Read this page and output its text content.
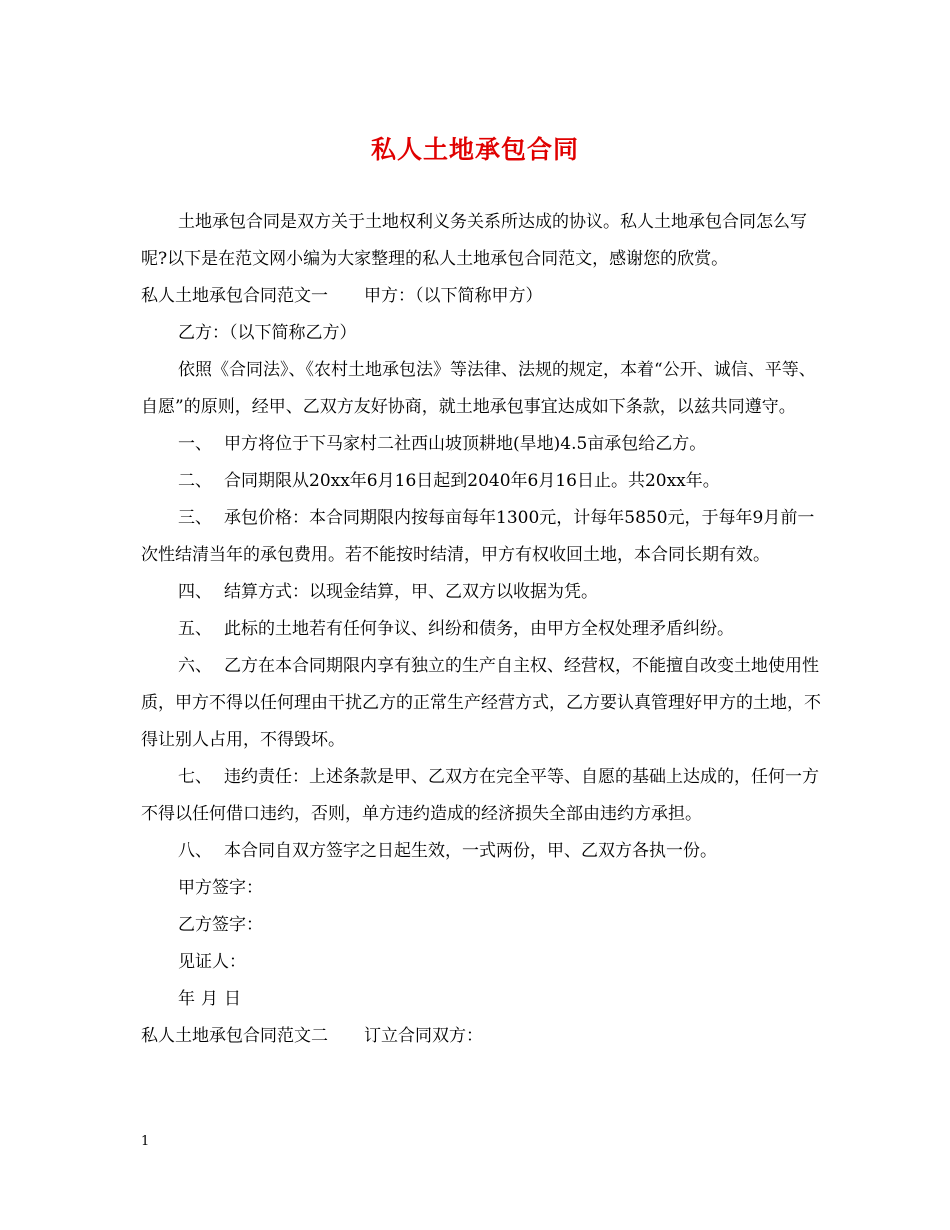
私人土地承包合同

土地承包合同是双方关于土地权利义务关系所达成的协议。私人土地承包合同怎么写呢?以下是在范文网小编为大家整理的私人土地承包合同范文，感谢您的欣赏。

私人土地承包合同范文一 甲方：（以下简称甲方）

乙方：（以下简称乙方）

依照《合同法》、《农村土地承包法》等法律、法规的规定，本着“公开、诚信、平等、自愿”的原则，经甲、乙双方友好协商，就土地承包事宜达成如下条款，以兹共同遵守。

一、 甲方将位于下马家村二社西山坡顶耕地(旱地)4.5亩承包给乙方。

二、 合同期限从20xx年6月16日起到2040年6月16日止。共20xx年。

三、 承包价格：本合同期限内按每亩每年1300元，计每年5850元，于每年9月前一次性结清当年的承包费用。若不能按时结清，甲方有权收回土地，本合同长期有效。

四、 结算方式：以现金结算，甲、乙双方以收据为凭。

五、 此标的土地若有任何争议、纠纷和债务，由甲方全权处理矛盾纠纷。

六、 乙方在本合同期限内享有独立的生产自主权、经营权，不能擅自改变土地使用性质，甲方不得以任何理由干扰乙方的正常生产经营方式，乙方要认真管理好甲方的土地，不得让别人占用，不得毁坏。

七、 违约责任：上述条款是甲、乙双方在完全平等、自愿的基础上达成的，任何一方不得以任何借口违约，否则，单方违约造成的经济损失全部由违约方承担。

八、 本合同自双方签字之日起生效，一式两份，甲、乙双方各执一份。

甲方签字：

乙方签字：

见证人：

年 月 日

私人土地承包合同范文二 订立合同双方：

1
